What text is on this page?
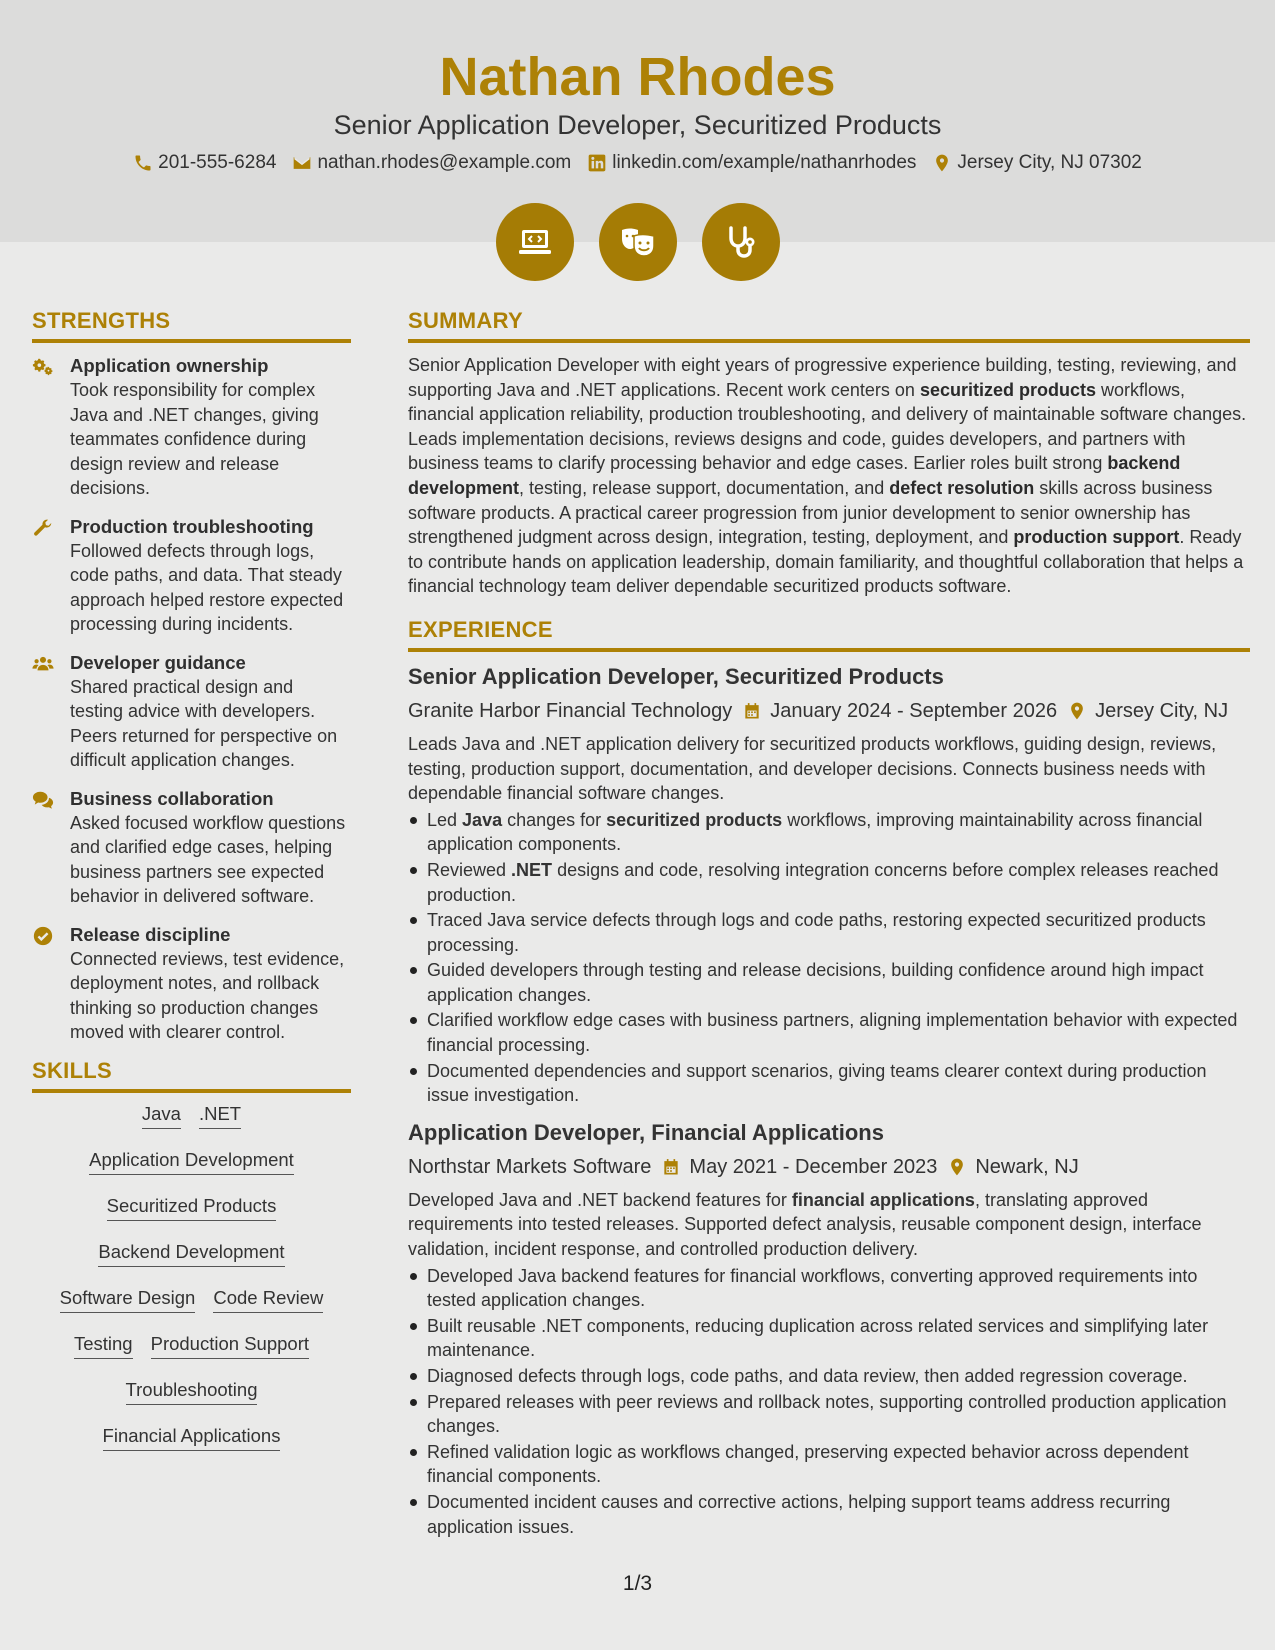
Nathan Rhodes
Senior Application Developer, Securitized Products
201-555-6284 nathan.rhodes@example.com linkedin.com/example/nathanrhodes Jersey City, NJ 07302
STRENGTHS
Application ownership
Took responsibility for complex Java and .NET changes, giving teammates confidence during design review and release decisions.
Production troubleshooting
Followed defects through logs, code paths, and data. That steady approach helped restore expected processing during incidents.
Developer guidance
Shared practical design and testing advice with developers. Peers returned for perspective on difficult application changes.
Business collaboration
Asked focused workflow questions and clarified edge cases, helping business partners see expected behavior in delivered software.
Release discipline
Connected reviews, test evidence, deployment notes, and rollback thinking so production changes moved with clearer control.
SKILLS
Java .NET
Application Development
Securitized Products
Backend Development
Software Design Code Review
Testing Production Support
Troubleshooting
Financial Applications
SUMMARY
Senior Application Developer with eight years of progressive experience building, testing, reviewing, and supporting Java and .NET applications. Recent work centers on securitized products workflows, financial application reliability, production troubleshooting, and delivery of maintainable software changes. Leads implementation decisions, reviews designs and code, guides developers, and partners with business teams to clarify processing behavior and edge cases. Earlier roles built strong backend development, testing, release support, documentation, and defect resolution skills across business software products. A practical career progression from junior development to senior ownership has strengthened judgment across design, integration, testing, deployment, and production support. Ready to contribute hands on application leadership, domain familiarity, and thoughtful collaboration that helps a financial technology team deliver dependable securitized products software.
EXPERIENCE
Senior Application Developer, Securitized Products
Granite Harbor Financial Technology January 2024 - September 2026 Jersey City, NJ
Leads Java and .NET application delivery for securitized products workflows, guiding design, reviews, testing, production support, documentation, and developer decisions. Connects business needs with dependable financial software changes.
Led Java changes for securitized products workflows, improving maintainability across financial application components.
Reviewed .NET designs and code, resolving integration concerns before complex releases reached production.
Traced Java service defects through logs and code paths, restoring expected securitized products processing.
Guided developers through testing and release decisions, building confidence around high impact application changes.
Clarified workflow edge cases with business partners, aligning implementation behavior with expected financial processing.
Documented dependencies and support scenarios, giving teams clearer context during production issue investigation.
Application Developer, Financial Applications
Northstar Markets Software May 2021 - December 2023 Newark, NJ
Developed Java and .NET backend features for financial applications, translating approved requirements into tested releases. Supported defect analysis, reusable component design, interface validation, incident response, and controlled production delivery.
Developed Java backend features for financial workflows, converting approved requirements into tested application changes.
Built reusable .NET components, reducing duplication across related services and simplifying later maintenance.
Diagnosed defects through logs, code paths, and data review, then added regression coverage.
Prepared releases with peer reviews and rollback notes, supporting controlled production application changes.
Refined validation logic as workflows changed, preserving expected behavior across dependent financial components.
Documented incident causes and corrective actions, helping support teams address recurring application issues.
1/3
